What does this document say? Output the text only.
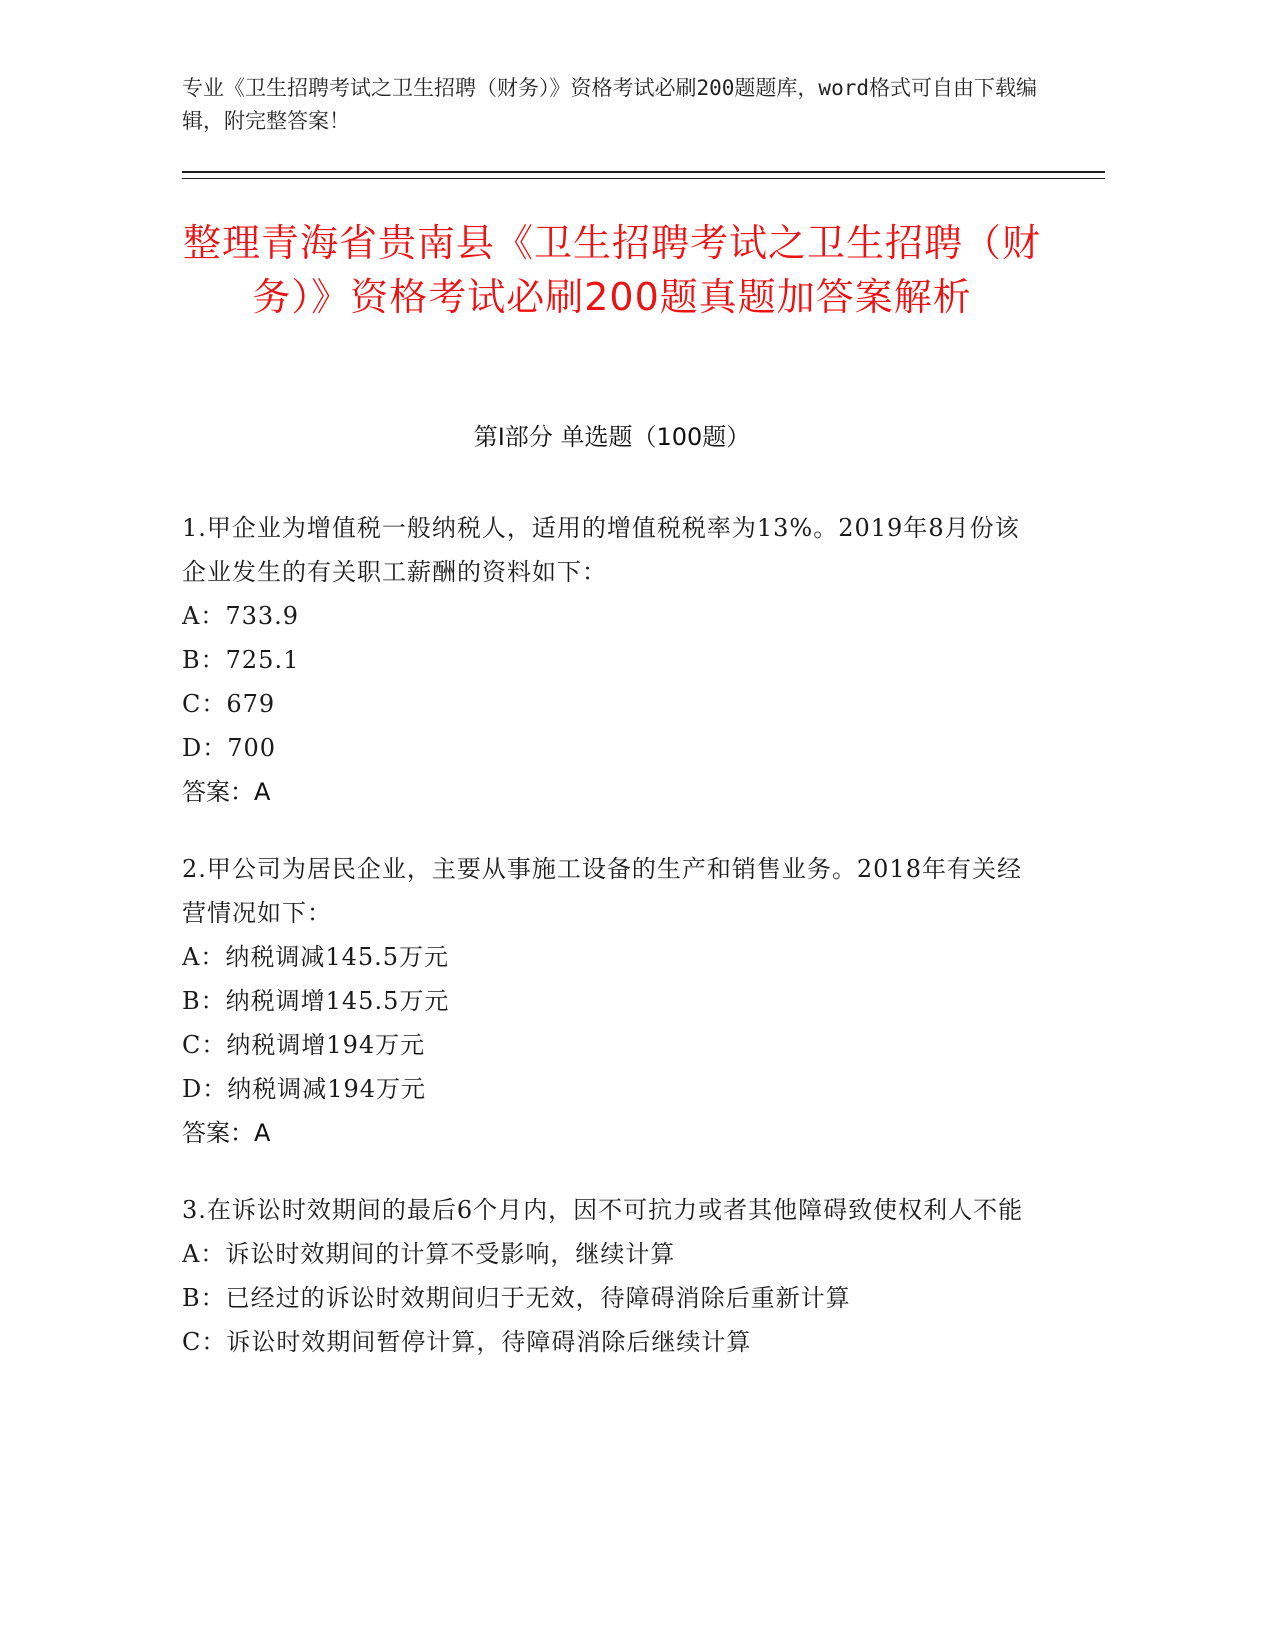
专业《卫生招聘考试之卫生招聘（财务）》资格考试必刷200题题库，word格式可自由下载编辑，附完整答案！
整理青海省贵南县《卫生招聘考试之卫生招聘（财务）》资格考试必刷200题真题加答案解析
第I部分 单选题（100题）
1.甲企业为增值税一般纳税人，适用的增值税税率为13%。2019年8月份该企业发生的有关职工薪酬的资料如下：
A：733.9
B：725.1
C：679
D：700
答案：A
2.甲公司为居民企业，主要从事施工设备的生产和销售业务。2018年有关经营情况如下：
A：纳税调减145.5万元
B：纳税调增145.5万元
C：纳税调增194万元
D：纳税调减194万元
答案：A
3.在诉讼时效期间的最后6个月内，因不可抗力或者其他障碍致使权利人不能
A：诉讼时效期间的计算不受影响，继续计算
B：已经过的诉讼时效期间归于无效，待障碍消除后重新计算
C：诉讼时效期间暂停计算，待障碍消除后继续计算
